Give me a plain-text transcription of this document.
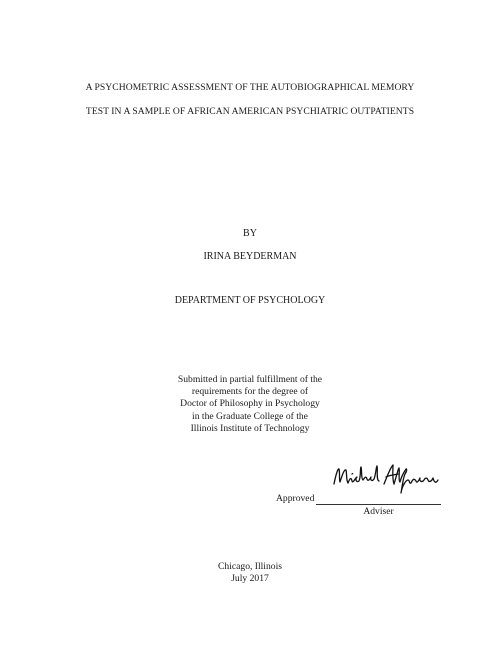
A PSYCHOMETRIC ASSESSMENT OF THE AUTOBIOGRAPHICAL MEMORY
TEST IN A SAMPLE OF AFRICAN AMERICAN PSYCHIATRIC OUTPATIENTS
BY
IRINA BEYDERMAN
DEPARTMENT OF PSYCHOLOGY
Submitted in partial fulfillment of the
requirements for the degree of
Doctor of Philosophy in Psychology
in the Graduate College of the
Illinois Institute of Technology
Approved
Adviser
Chicago, Illinois
July 2017
